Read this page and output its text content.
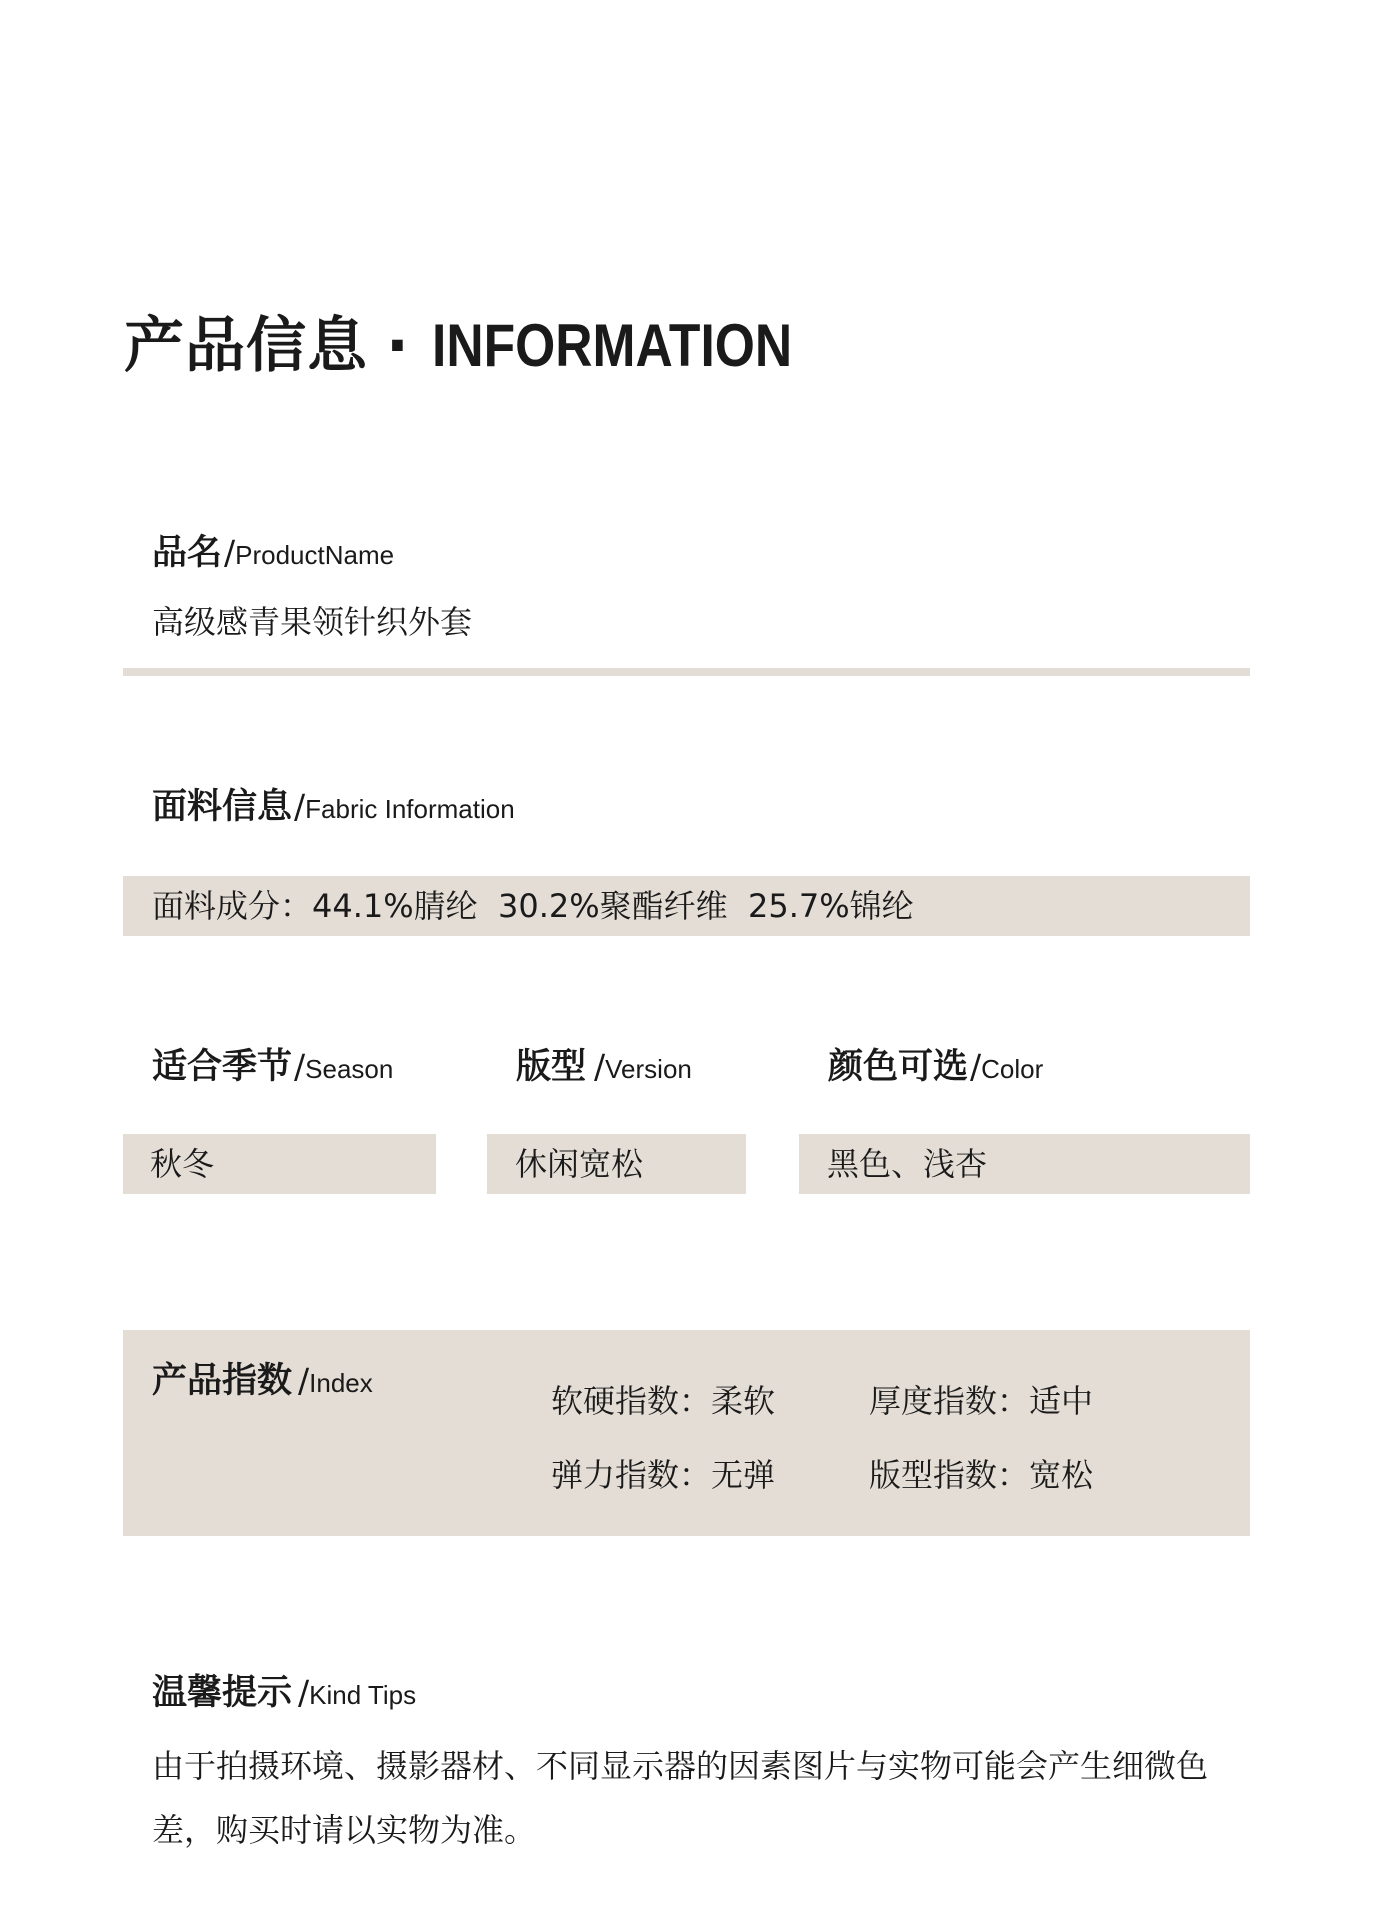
产品信息 · INFORMATION
品名/ProductName
高级感青果领针织外套
面料信息/Fabric Information
面料成分：44.1%腈纶  30.2%聚酯纤维  25.7%锦纶
适合季节/Season	版型 /Version	颜色可选/Color
秋冬	休闲宽松	黑色、浅杏
产品指数 /Index	软硬指数：柔软	厚度指数：适中
弹力指数：无弹	版型指数：宽松
温馨提示 /Kind Tips
由于拍摄环境、摄影器材、不同显示器的因素图片与实物可能会产生细微色差，购买时请以实物为准。
